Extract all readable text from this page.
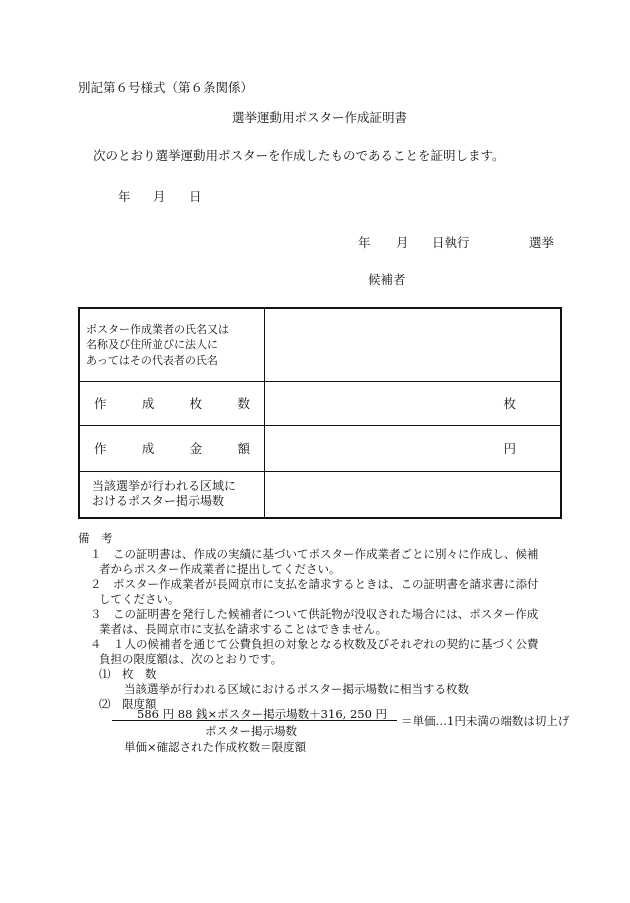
別記第６号様式（第６条関係）
選挙運動用ポスター作成証明書
次のとおり選挙運動用ポスターを作成したものであることを証明します。
年 月 日
年 月 日執行	選挙
候補者
ポスター作成業者の氏名又は
名称及び住所並びに法人に
あってはその代表者の氏名	

作 成 枚 数	枚

作 成 金 額	円

当該選挙が行われる区域に
おけるポスター掲示場数	

備　考
１　この証明書は、作成の実績に基づいてポスター作成業者ごとに別々に作成し、候補
者からポスター作成業者に提出してください。
２　ポスター作成業者が長岡京市に支払を請求するときは、この証明書を請求書に添付
してください。
３　この証明書を発行した候補者について供託物が没収された場合には、ポスター作成
業者は、長岡京市に支払を請求することはできません。
４　１人の候補者を通じて公費負担の対象となる枚数及びそれぞれの契約に基づく公費
負担の限度額は、次のとおりです。
⑴　枚　数
当該選挙が行われる区域におけるポスター掲示場数に相当する枚数
⑵　限度額
586 円 88 銭×ポスター掲示場数＋316, 250 円
ポスター掲示場数
＝単価…1円未満の端数は切上げ
単価×確認された作成枚数＝限度額
